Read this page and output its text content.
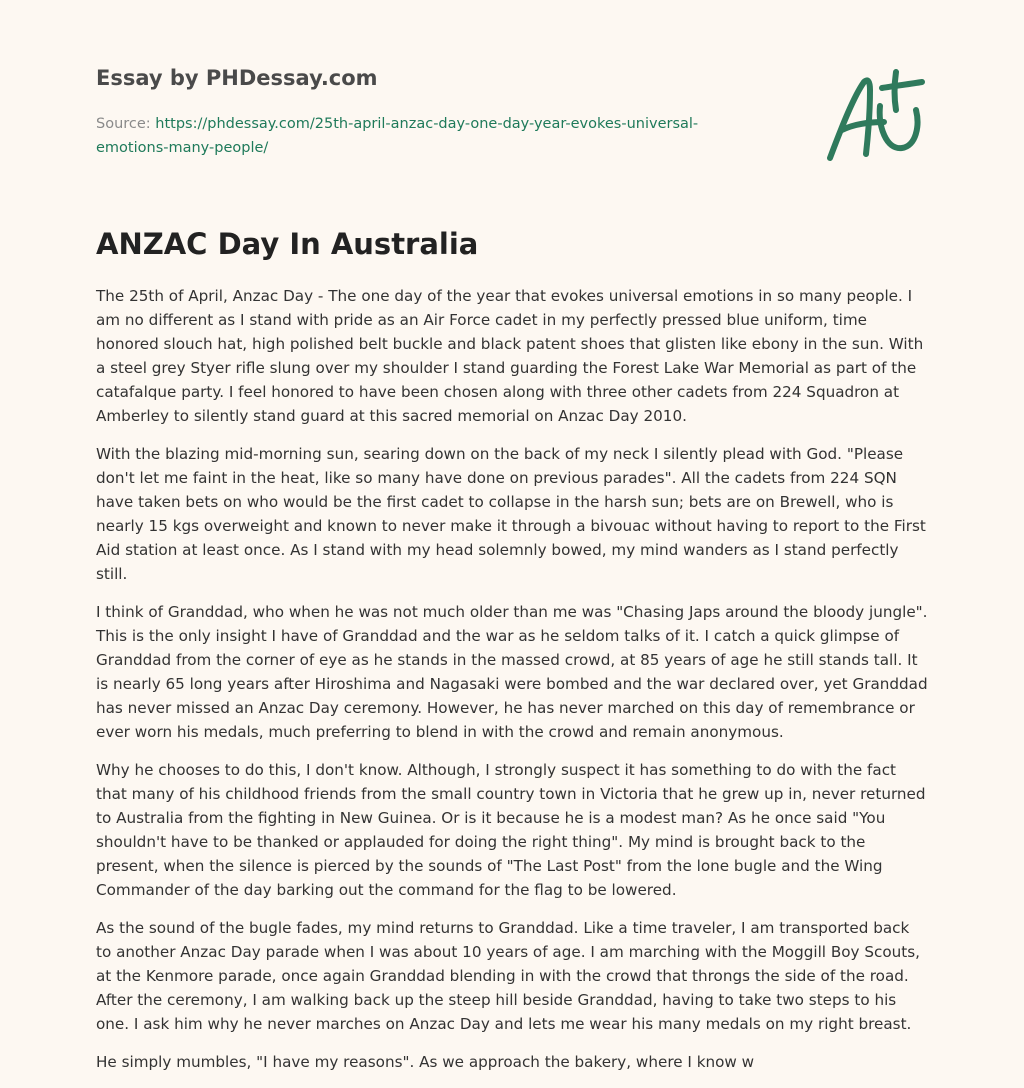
Essay by PHDessay.com
Source: https://phdessay.com/25th-april-anzac-day-one-day-year-evokes-universal-emotions-many-people/
ANZAC Day In Australia

The 25th of April, Anzac Day - The one day of the year that evokes universal emotions in so many people. I am no different as I stand with pride as an Air Force cadet in my perfectly pressed blue uniform, time honored slouch hat, high polished belt buckle and black patent shoes that glisten like ebony in the sun. With a steel grey Styer rifle slung over my shoulder I stand guarding the Forest Lake War Memorial as part of the catafalque party. I feel honored to have been chosen along with three other cadets from 224 Squadron at Amberley to silently stand guard at this sacred memorial on Anzac Day 2010.

With the blazing mid-morning sun, searing down on the back of my neck I silently plead with God. "Please don't let me faint in the heat, like so many have done on previous parades". All the cadets from 224 SQN have taken bets on who would be the first cadet to collapse in the harsh sun; bets are on Brewell, who is nearly 15 kgs overweight and known to never make it through a bivouac without having to report to the First Aid station at least once. As I stand with my head solemnly bowed, my mind wanders as I stand perfectly still.

I think of Granddad, who when he was not much older than me was "Chasing Japs around the bloody jungle". This is the only insight I have of Granddad and the war as he seldom talks of it. I catch a quick glimpse of Granddad from the corner of eye as he stands in the massed crowd, at 85 years of age he still stands tall. It is nearly 65 long years after Hiroshima and Nagasaki were bombed and the war declared over, yet Granddad has never missed an Anzac Day ceremony. However, he has never marched on this day of remembrance or ever worn his medals, much preferring to blend in with the crowd and remain anonymous.

Why he chooses to do this, I don't know. Although, I strongly suspect it has something to do with the fact that many of his childhood friends from the small country town in Victoria that he grew up in, never returned to Australia from the fighting in New Guinea. Or is it because he is a modest man? As he once said "You shouldn't have to be thanked or applauded for doing the right thing". My mind is brought back to the present, when the silence is pierced by the sounds of "The Last Post" from the lone bugle and the Wing Commander of the day barking out the command for the flag to be lowered.

As the sound of the bugle fades, my mind returns to Granddad. Like a time traveler, I am transported back to another Anzac Day parade when I was about 10 years of age. I am marching with the Moggill Boy Scouts, at the Kenmore parade, once again Granddad blending in with the crowd that throngs the side of the road. After the ceremony, I am walking back up the steep hill beside Granddad, having to take two steps to his one. I ask him why he never marches on Anzac Day and lets me wear his many medals on my right breast.

He simply mumbles, "I have my reasons". As we approach the bakery, where I know w
